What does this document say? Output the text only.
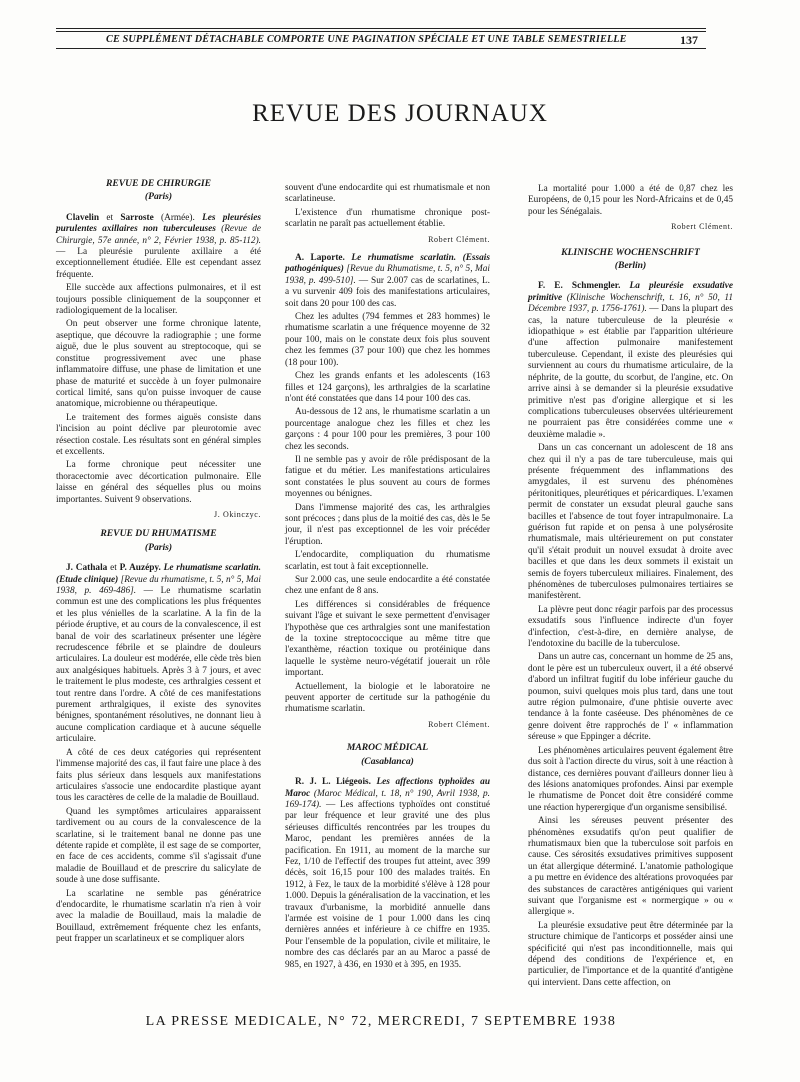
CE SUPPLÉMENT DÉTACHABLE COMPORTE UNE PAGINATION SPÉCIALE ET UNE TABLE SEMESTRIELLE	137
REVUE DES JOURNAUX
REVUE DE CHIRURGIE
(Paris)

Clavelin et Sarroste (Armée). Les pleurésies purulentes axillaires non tuberculeuses (Revue de Chirurgie, 57e année, n° 2, Février 1938, p. 85-112). — La pleurésie purulente axillaire a été exceptionnellement étudiée. Elle est cependant assez fréquente.

Elle succède aux affections pulmonaires, et il est toujours possible cliniquement de la soupçonner et radiologiquement de la localiser.

On peut observer une forme chronique latente, aseptique, que découvre la radiographie ; une forme aiguë, due le plus souvent au streptocoque, qui se constitue progressivement avec une phase inflammatoire diffuse, une phase de limitation et une phase de maturité et succède à un foyer pulmonaire cortical limité, sans qu'on puisse invoquer de cause anatomique, microbienne ou thérapeutique.

Le traitement des formes aiguës consiste dans l'incision au point déclive par pleurotomie avec résection costale. Les résultats sont en général simples et excellents.

La forme chronique peut nécessiter une thoracectomie avec décortication pulmonaire. Elle laisse en général des séquelles plus ou moins importantes. Suivent 9 observations.

J. Okinczyc.
REVUE DU RHUMATISME
(Paris)

J. Cathala et P. Auzépy. Le rhumatisme scarlatin. (Etude clinique) [Revue du rhumatisme, t. 5, n° 5, Mai 1938, p. 469-486]. — Le rhumatisme scarlatin commun est une des complications les plus fréquentes et les plus vénielles de la scarlatine. A la fin de la période éruptive, et au cours de la convalescence, il est banal de voir des scarlatineux présenter une légère recrudescence fébrile et se plaindre de douleurs articulaires. La douleur est modérée, elle cède très bien aux analgésiques habituels. Après 3 à 7 jours, et avec le traitement le plus modeste, ces arthralgies cessent et tout rentre dans l'ordre. A côté de ces manifestations purement arthralgiques, il existe des synovites bénignes, spontanément résolutives, ne donnant lieu à aucune complication cardiaque et à aucune séquelle articulaire.

A côté de ces deux catégories qui représentent l'immense majorité des cas, il faut faire une place à des faits plus sérieux dans lesquels aux manifestations articulaires s'associe une endocardite plastique ayant tous les caractères de celle de la maladie de Bouillaud.

Quand les symptômes articulaires apparaissent tardivement ou au cours de la convalescence de la scarlatine, si le traitement banal ne donne pas une détente rapide et complète, il est sage de se comporter, en face de ces accidents, comme s'il s'agissait d'une maladie de Bouillaud et de prescrire du salicylate de soude à une dose suffisante.

La scarlatine ne semble pas génératrice d'endocardite, le rhumatisme scarlatin n'a rien à voir avec la maladie de Bouillaud, mais la maladie de Bouillaud, extrêmement fréquente chez les enfants, peut frapper un scarlatineux et se compliquer alors

souvent d'une endocardite qui est rhumatismale et non scarlatineuse.

L'existence d'un rhumatisme chronique post-scarlatin ne paraît pas actuellement établie.

Robert Clément.

A. Laporte. Le rhumatisme scarlatin. (Essais pathogéniques) [Revue du Rhumatisme, t. 5, n° 5, Mai 1938, p. 499-510]. — Sur 2.007 cas de scarlatines, L. a vu survenir 409 fois des manifestations articulaires, soit dans 20 pour 100 des cas.

Chez les adultes (794 femmes et 283 hommes) le rhumatisme scarlatin a une fréquence moyenne de 32 pour 100, mais on le constate deux fois plus souvent chez les femmes (37 pour 100) que chez les hommes (18 pour 100).

Chez les grands enfants et les adolescents (163 filles et 124 garçons), les arthralgies de la scarlatine n'ont été constatées que dans 14 pour 100 des cas.

Au-dessous de 12 ans, le rhumatisme scarlatin a un pourcentage analogue chez les filles et chez les garçons : 4 pour 100 pour les premières, 3 pour 100 chez les seconds.

Il ne semble pas y avoir de rôle prédisposant de la fatigue et du métier. Les manifestations articulaires sont constatées le plus souvent au cours de formes moyennes ou bénignes.

Dans l'immense majorité des cas, les arthralgies sont précoces ; dans plus de la moitié des cas, dès le 5e jour, il n'est pas exceptionnel de les voir précéder l'éruption.

L'endocardite, compliquation du rhumatisme scarlatin, est tout à fait exceptionnelle.

Sur 2.000 cas, une seule endocardite a été constatée chez une enfant de 8 ans.

Les différences si considérables de fréquence suivant l'âge et suivant le sexe permettent d'envisager l'hypothèse que ces arthralgies sont une manifestation de la toxine streptococcique au même titre que l'exanthème, réaction toxique ou protéinique dans laquelle le système neuro-végétatif jouerait un rôle important.

Actuellement, la biologie et le laboratoire ne peuvent apporter de certitude sur la pathogénie du rhumatisme scarlatin.

Robert Clément.
MAROC MÉDICAL
(Casablanca)

R. J. L. Liégeois. Les affections typhoïdes au Maroc (Maroc Médical, t. 18, n° 190, Avril 1938, p. 169-174). — Les affections typhoïdes ont constitué par leur fréquence et leur gravité une des plus sérieuses difficultés rencontrées par les troupes du Maroc, pendant les premières années de la pacification. En 1911, au moment de la marche sur Fez, 1/10 de l'effectif des troupes fut atteint, avec 399 décès, soit 16,15 pour 100 des malades traités. En 1912, à Fez, le taux de la morbidité s'élève à 128 pour 1.000. Depuis la généralisation de la vaccination, et les travaux d'urbanisme, la morbidité annuelle dans l'armée est voisine de 1 pour 1.000 dans les cinq dernières années et inférieure à ce chiffre en 1935. Pour l'ensemble de la population, civile et militaire, le nombre des cas déclarés par an au Maroc a passé de 985, en 1927, à 436, en 1930 et à 395, en 1935.

La mortalité pour 1.000 a été de 0,87 chez les Européens, de 0,15 pour les Nord-Africains et de 0,45 pour les Sénégalais.

Robert Clément.
KLINISCHE WOCHENSCHRIFT
(Berlin)

F. E. Schmengler. La pleurésie exsudative primitive (Klinische Wochenschrift, t. 16, n° 50, 11 Décembre 1937, p. 1756-1761). — Dans la plupart des cas, la nature tuberculeuse de la pleurésie « idiopathique » est établie par l'apparition ultérieure d'une affection pulmonaire manifestement tuberculeuse. Cependant, il existe des pleurésies qui surviennent au cours du rhumatisme articulaire, de la néphrite, de la goutte, du scorbut, de l'angine, etc. On arrive ainsi à se demander si la pleurésie exsudative primitive n'est pas d'origine allergique et si les complications tuberculeuses observées ultérieurement ne pourraient pas être considérées comme une « deuxième maladie ».

Dans un cas concernant un adolescent de 18 ans chez qui il n'y a pas de tare tuberculeuse, mais qui présente fréquemment des inflammations des amygdales, il est survenu des phénomènes péritonitiques, pleurétiques et péricardiques. L'examen permit de constater un exsudat pleural gauche sans bacilles et l'absence de tout foyer intrapulmonaire. La guérison fut rapide et on pensa à une polysérosite rhumatismale, mais ultérieurement on put constater qu'il s'était produit un nouvel exsudat à droite avec bacilles et que dans les deux sommets il existait un semis de foyers tuberculeux miliaires. Finalement, des phénomènes de tuberculoses pulmonaires tertiaires se manifestèrent.

La plèvre peut donc réagir parfois par des processus exsudatifs sous l'influence indirecte d'un foyer d'infection, c'est-à-dire, en dernière analyse, de l'endotoxine du bacille de la tuberculose.

Dans un autre cas, concernant un homme de 25 ans, dont le père est un tuberculeux ouvert, il a été observé d'abord un infiltrat fugitif du lobe inférieur gauche du poumon, suivi quelques mois plus tard, dans une tout autre région pulmonaire, d'une phtisie ouverte avec tendance à la fonte caséeuse. Des phénomènes de ce genre doivent être rapprochés de l' « inflammation séreuse » que Eppinger a décrite.

Les phénomènes articulaires peuvent également être dus soit à l'action directe du virus, soit à une réaction à distance, ces dernières pouvant d'ailleurs donner lieu à des lésions anatomiques profondes. Ainsi par exemple le rhumatisme de Poncet doit être considéré comme une réaction hyperergique d'un organisme sensibilisé.

Ainsi les séreuses peuvent présenter des phénomènes exsudatifs qu'on peut qualifier de rhumatismaux bien que la tuberculose soit parfois en cause. Ces sérosités exsudatives primitives supposent un état allergique déterminé. L'anatomie pathologique a pu mettre en évidence des altérations provoquées par des substances de caractères antigéniques qui varient suivant que l'organisme est « normergique » ou « allergique ».

La pleurésie exsudative peut être déterminée par la structure chimique de l'anticorps et posséder ainsi une spécificité qui n'est pas inconditionnelle, mais qui dépend des conditions de l'expérience et, en particulier, de l'importance et de la quantité d'antigène qui intervient. Dans cette affection, on

LA PRESSE MEDICALE, N° 72, MERCREDI, 7 SEPTEMBRE 1938
